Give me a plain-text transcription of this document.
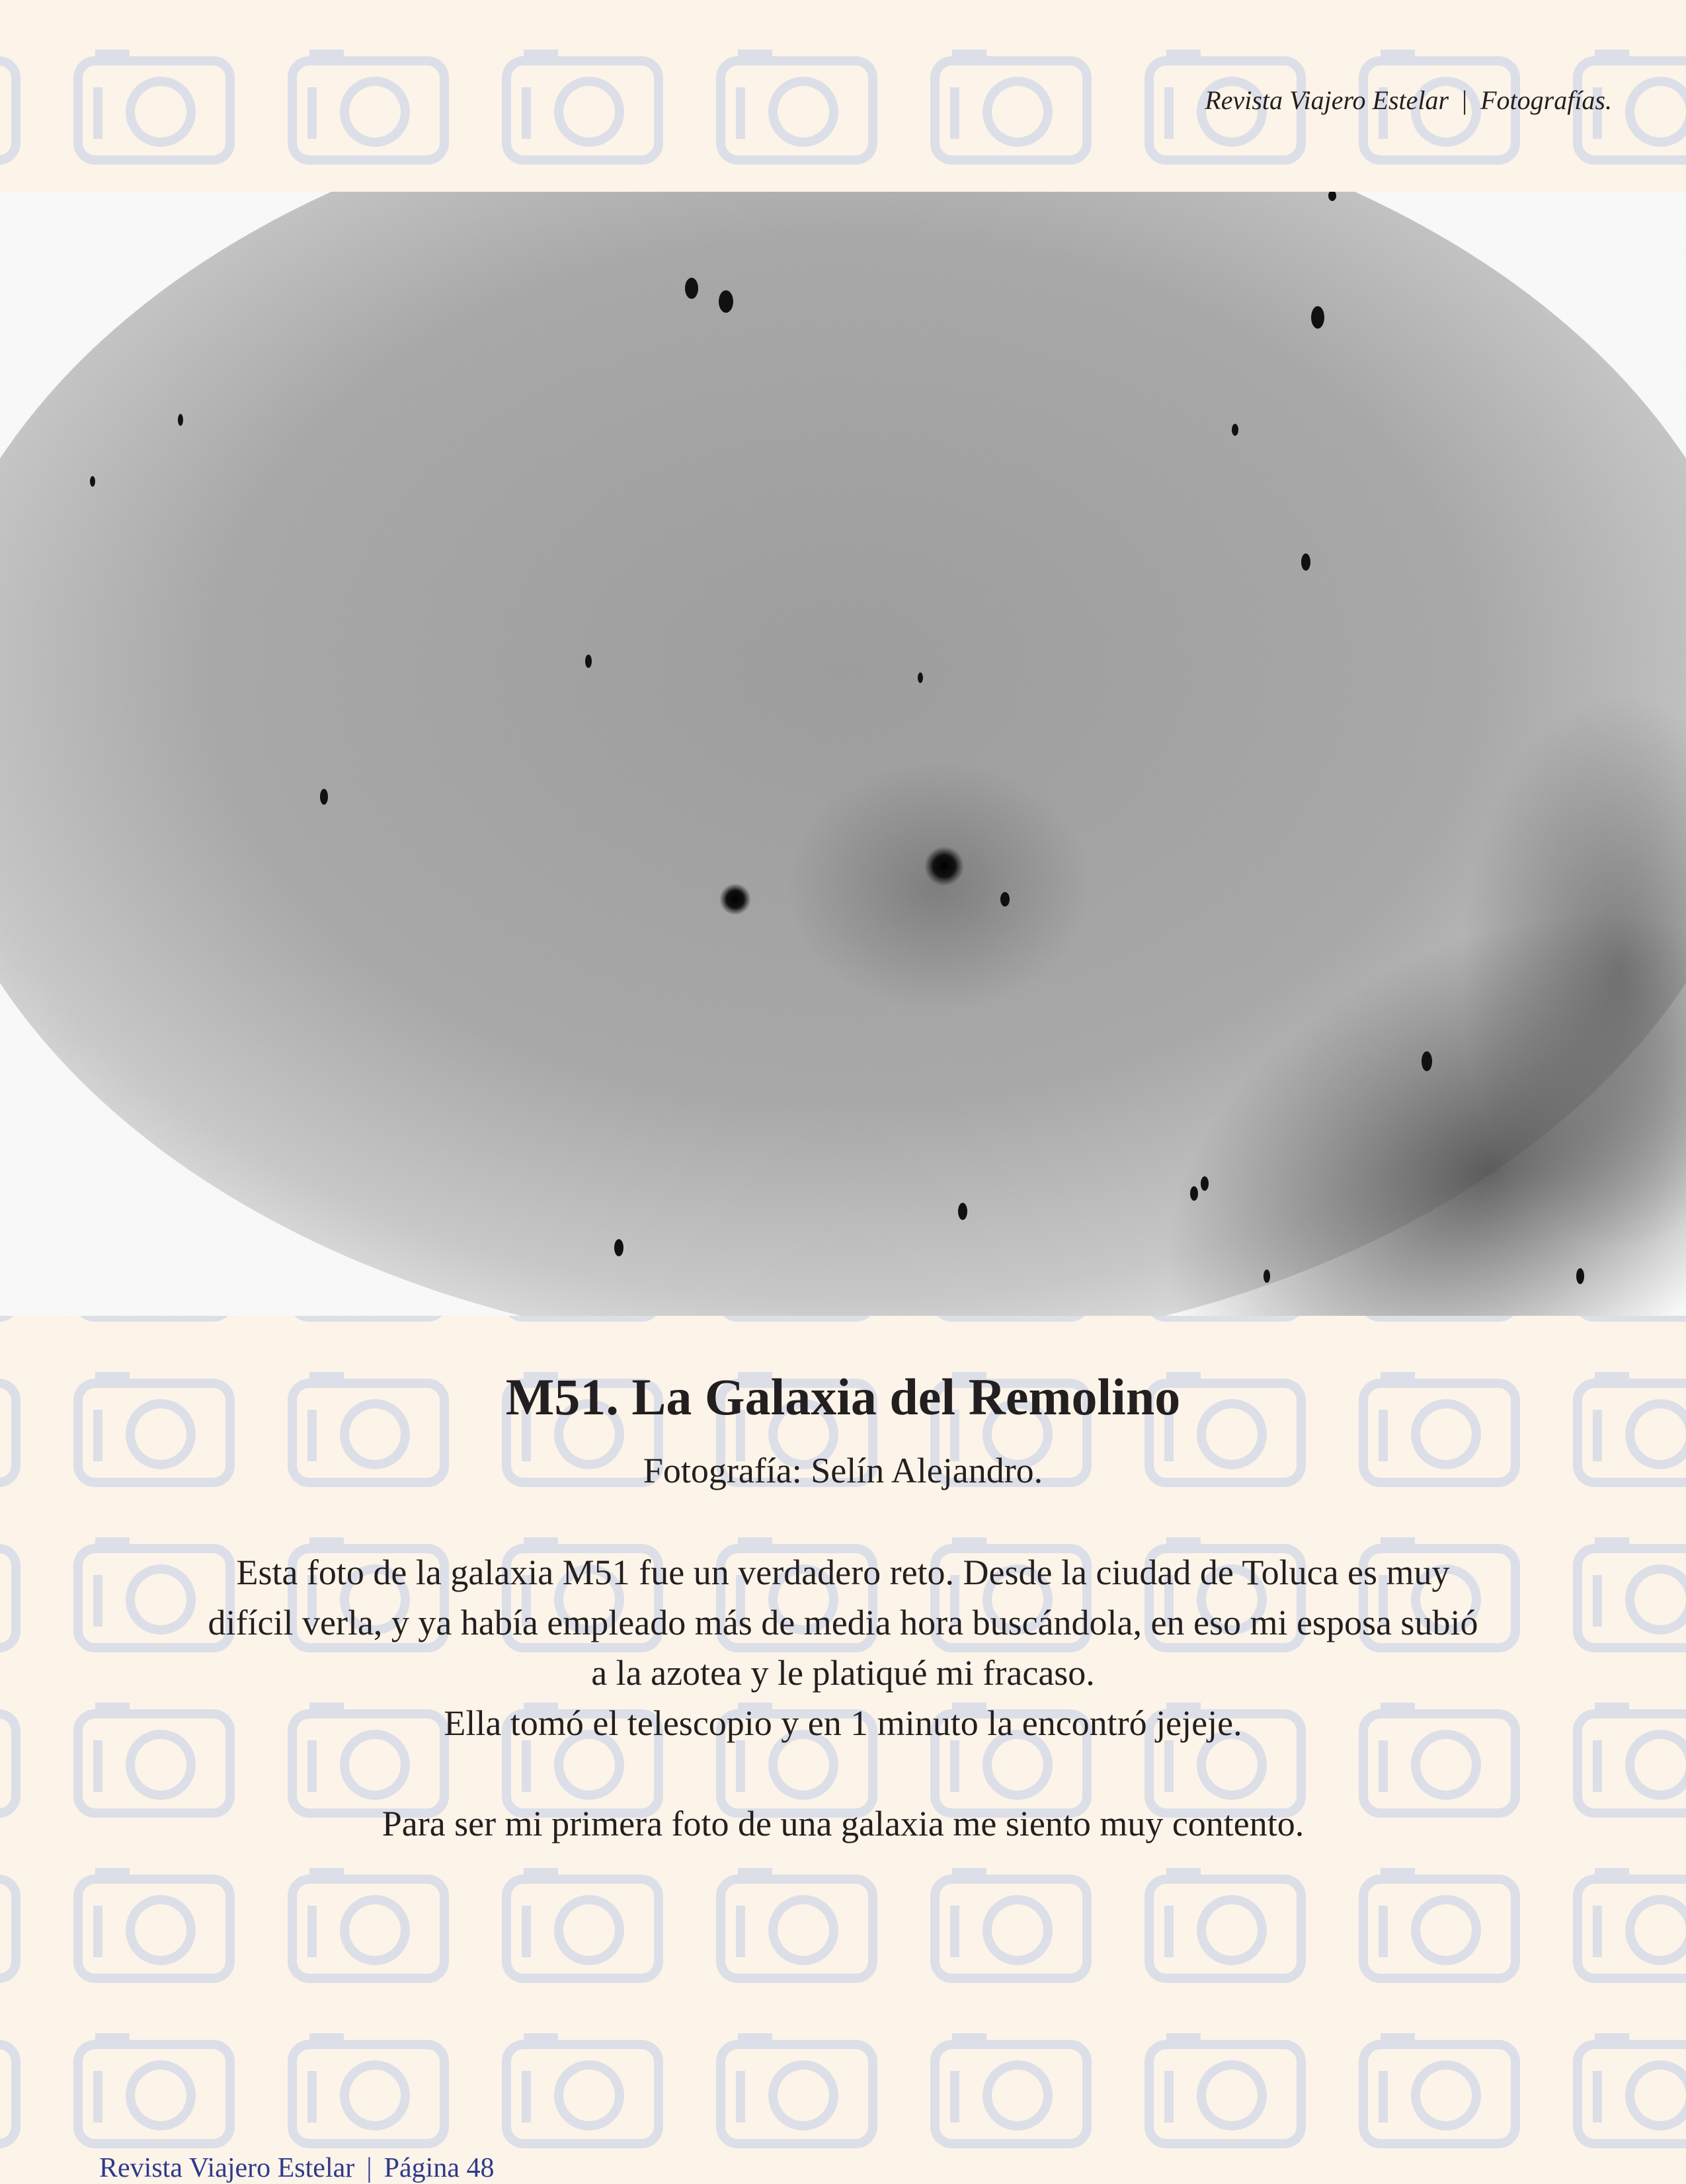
Revista Viajero Estelar | Fotografías.
M51. La Galaxia del Remolino
Fotografía: Selín Alejandro.

Esta foto de la galaxia M51 fue un verdadero reto. Desde la ciudad de Toluca es muy

difícil verla, y ya había empleado más de media hora buscándola, en eso mi esposa subió

a la azotea y le platiqué mi fracaso.

Ella tomó el telescopio y en 1 minuto la encontró jejeje.

Para ser mi primera foto de una galaxia me siento muy contento.

Revista Viajero Estelar | Página 48
